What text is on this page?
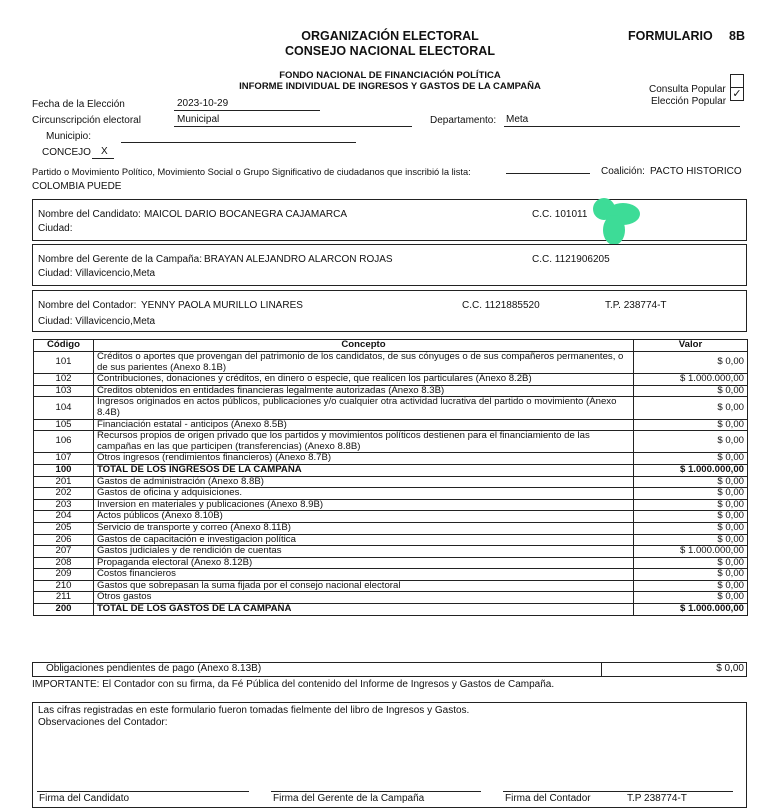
ORGANIZACIÓN ELECTORAL
CONSEJO NACIONAL ELECTORAL
FORMULARIO 8B
FONDO NACIONAL DE FINANCIACIÓN POLÍTICA
INFORME INDIVIDUAL DE INGRESOS Y GASTOS DE LA CAMPAÑA	Consulta Popular
Elección Popular
✓
Fecha de la Elección	2023-10-29
Circunscripción electoral	Municipal	Departamento: Meta
Municipio:
CONCEJO X
Partido o Movimiento Político, Movimiento Social o Grupo Significativo de ciudadanos que inscribió la lista:	Coalición: PACTO HISTORICO
COLOMBIA PUEDE
Nombre del Candidato: MAICOL DARIO BOCANEGRA CAJAMARCA	C.C. 101011
Ciudad:
Nombre del Gerente de la Campaña: BRAYAN ALEJANDRO ALARCON ROJAS	C.C. 1121906205
Ciudad: Villavicencio,Meta
Nombre del Contador: YENNY PAOLA MURILLO LINARES	C.C. 1121885520	T.P. 238774-T
Ciudad: Villavicencio,Meta
Código	Concepto	Valor
101	Créditos o aportes que provengan del patrimonio de los candidatos, de sus cónyuges o de sus compañeros permanentes, o de sus parientes (Anexo 8.1B)	$ 0,00
102	Contribuciones, donaciones y créditos, en dinero o especie, que realicen los particulares (Anexo 8.2B)	$ 1.000.000,00
103	Creditos obtenidos en entidades financieras legalmente autorizadas (Anexo 8.3B)	$ 0,00
104	Ingresos originados en actos públicos, publicaciones y/o cualquier otra actividad lucrativa del partido o movimiento (Anexo 8.4B)	$ 0,00
105	Financiación estatal - anticipos (Anexo 8.5B)	$ 0,00
106	Recursos propios de origen privado que los partidos y movimientos políticos destienen para el financiamiento de las campañas en las que participen (transferencias) (Anexo 8.8B)	$ 0,00
107	Otros ingresos (rendimientos financieros) (Anexo 8.7B)	$ 0,00
100	TOTAL DE LOS INGRESOS DE LA CAMPAÑA	$ 1.000.000,00
201	Gastos de administración (Anexo 8.8B)	$ 0,00
202	Gastos de oficina y adquisiciones.	$ 0,00
203	Inversion en materiales y publicaciones (Anexo 8.9B)	$ 0,00
204	Actos públicos (Anexo 8.10B)	$ 0,00
205	Servicio de transporte y correo (Anexo 8.11B)	$ 0,00
206	Gastos de capacitación e investigacion política	$ 0,00
207	Gastos judiciales y de rendición de cuentas	$ 1.000.000,00
208	Propaganda electoral (Anexo 8.12B)	$ 0,00
209	Costos financieros	$ 0,00
210	Gastos que sobrepasan la suma fijada por el consejo nacional electoral	$ 0,00
211	Otros gastos	$ 0,00
200	TOTAL DE LOS GASTOS DE LA CAMPAÑA	$ 1.000.000,00
Obligaciones pendientes de pago (Anexo 8.13B)	$ 0,00
IMPORTANTE: El Contador con su firma, da Fé Pública del contenido del Informe de Ingresos y Gastos de Campaña.
Las cifras registradas en este formulario fueron tomadas fielmente del libro de Ingresos y Gastos.
Observaciones del Contador:
Firma del Candidato	Firma del Gerente de la Campaña	Firma del Contador	T.P 238774-T
